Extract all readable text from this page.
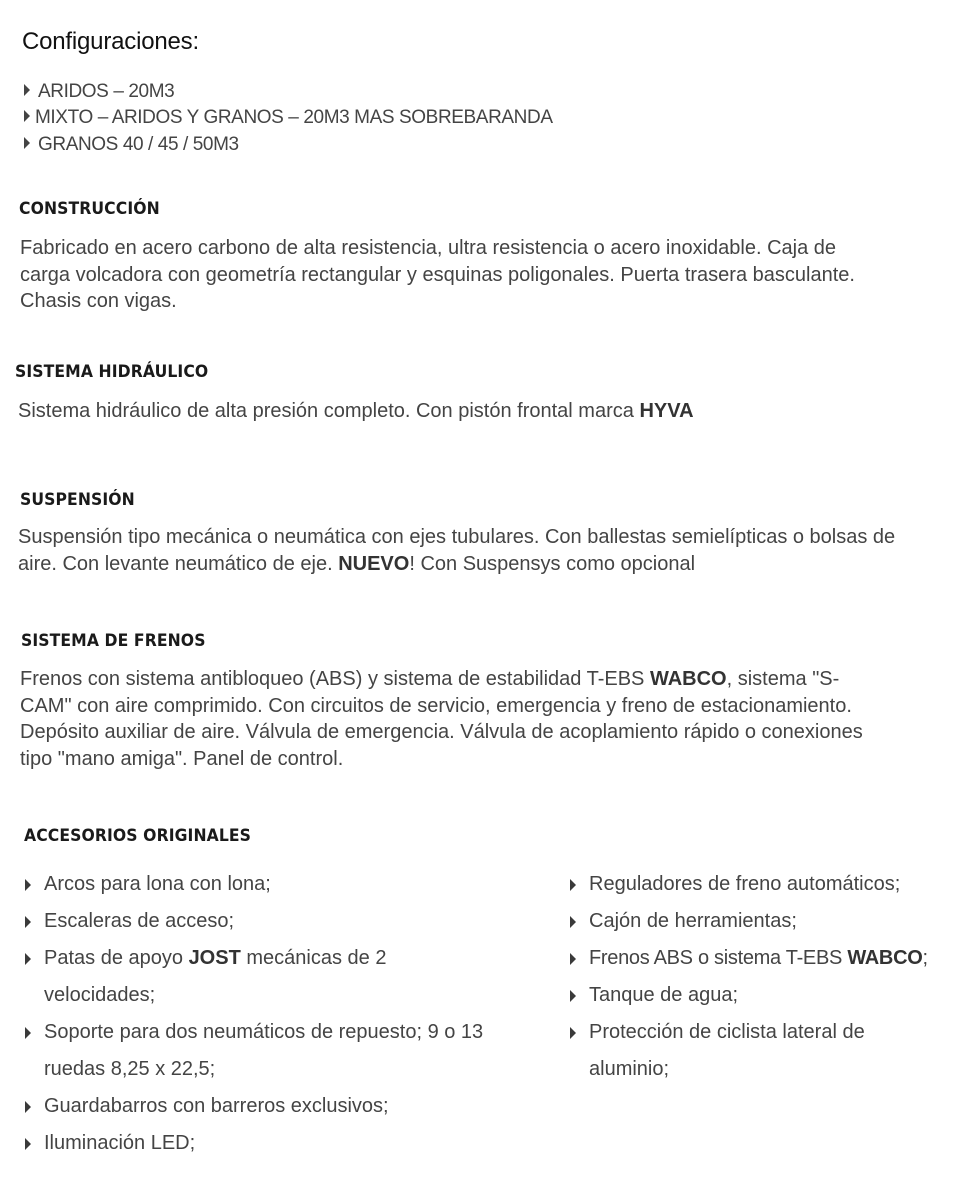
Configuraciones:
ARIDOS – 20M3
MIXTO – ARIDOS Y GRANOS – 20M3 MAS SOBREBARANDA
GRANOS 40 / 45 / 50M3
CONSTRUCCIÓN
Fabricado en acero carbono de alta resistencia, ultra resistencia o acero inoxidable. Caja de carga volcadora con geometría rectangular y esquinas poligonales. Puerta trasera basculante. Chasis con vigas.
SISTEMA HIDRÁULICO
Sistema hidráulico de alta presión completo. Con pistón frontal marca HYVA
SUSPENSIÓN
Suspensión tipo mecánica o neumática con ejes tubulares. Con ballestas semielípticas o bolsas de aire. Con levante neumático de eje. NUEVO! Con Suspensys como opcional
SISTEMA DE FRENOS
Frenos con sistema antibloqueo (ABS) y sistema de estabilidad T-EBS WABCO, sistema "S-CAM" con aire comprimido. Con circuitos de servicio, emergencia y freno de estacionamiento. Depósito auxiliar de aire. Válvula de emergencia. Válvula de acoplamiento rápido o conexiones tipo "mano amiga". Panel de control.
ACCESORIOS ORIGINALES
Arcos para lona con lona;
Escaleras de acceso;
Patas de apoyo JOST mecánicas de 2 velocidades;
Soporte para dos neumáticos de repuesto; 9 o 13 ruedas 8,25 x 22,5;
Guardabarros con barreros exclusivos;
Iluminación LED;
Reguladores de freno automáticos;
Cajón de herramientas;
Frenos ABS o sistema T-EBS WABCO;
Tanque de agua;
Protección de ciclista lateral de aluminio;
